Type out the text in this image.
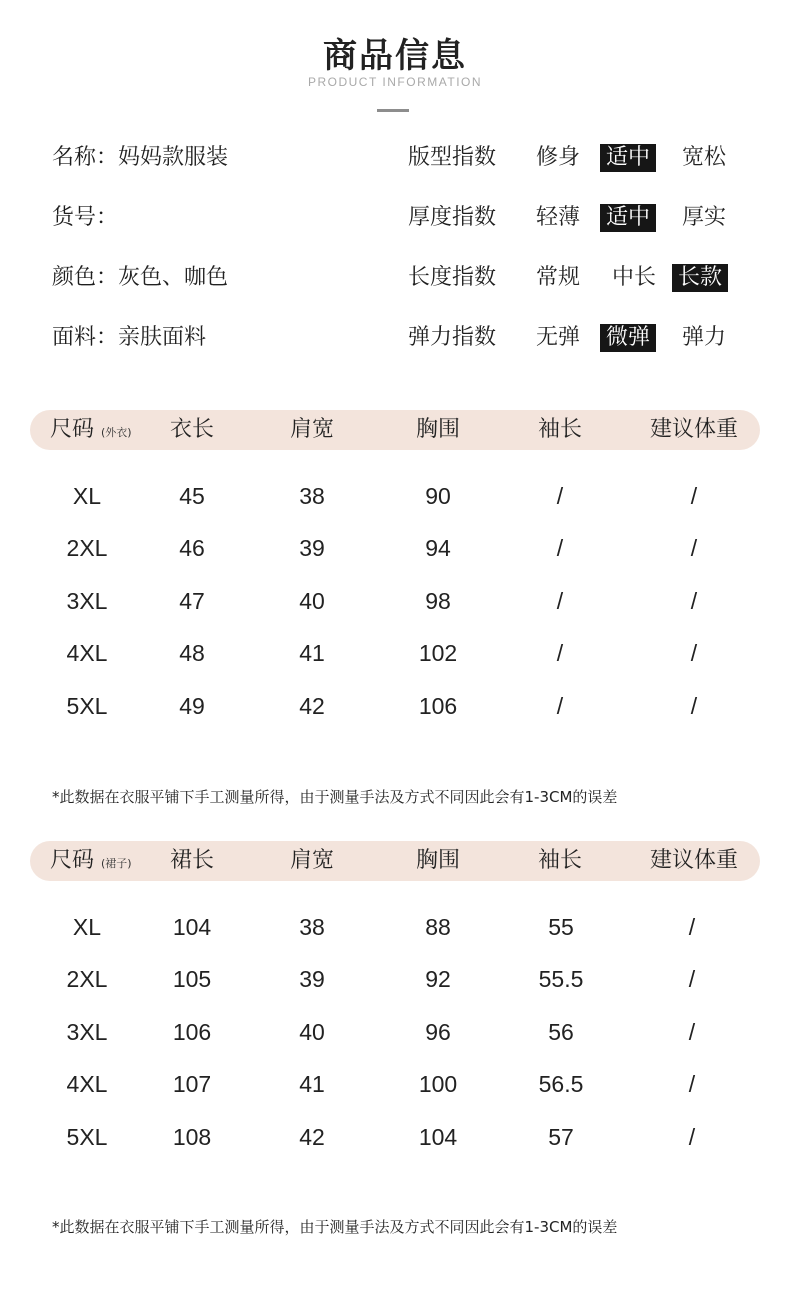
商品信息
PRODUCT INFORMATION
名称：妈妈款服装	版型指数 修身 适中 宽松
货号：	厚度指数 轻薄 适中 厚实
颜色：灰色、咖色	长度指数 常规 中长 长款
面料：亲肤面料	弹力指数 无弹 微弹 弹力
尺码 (外衣)	衣长	肩宽	胸围	袖长	建议体重
XL	45	38	90	/	/
2XL	46	39	94	/	/
3XL	47	40	98	/	/
4XL	48	41	102	/	/
5XL	49	42	106	/	/
*此数据在衣服平铺下手工测量所得，由于测量手法及方式不同因此会有1-3CM的误差
尺码 (裙子)	裙长	肩宽	胸围	袖长	建议体重
XL	104	38	88	55	/
2XL	105	39	92	55.5	/
3XL	106	40	96	56	/
4XL	107	41	100	56.5	/
5XL	108	42	104	57	/
*此数据在衣服平铺下手工测量所得，由于测量手法及方式不同因此会有1-3CM的误差
